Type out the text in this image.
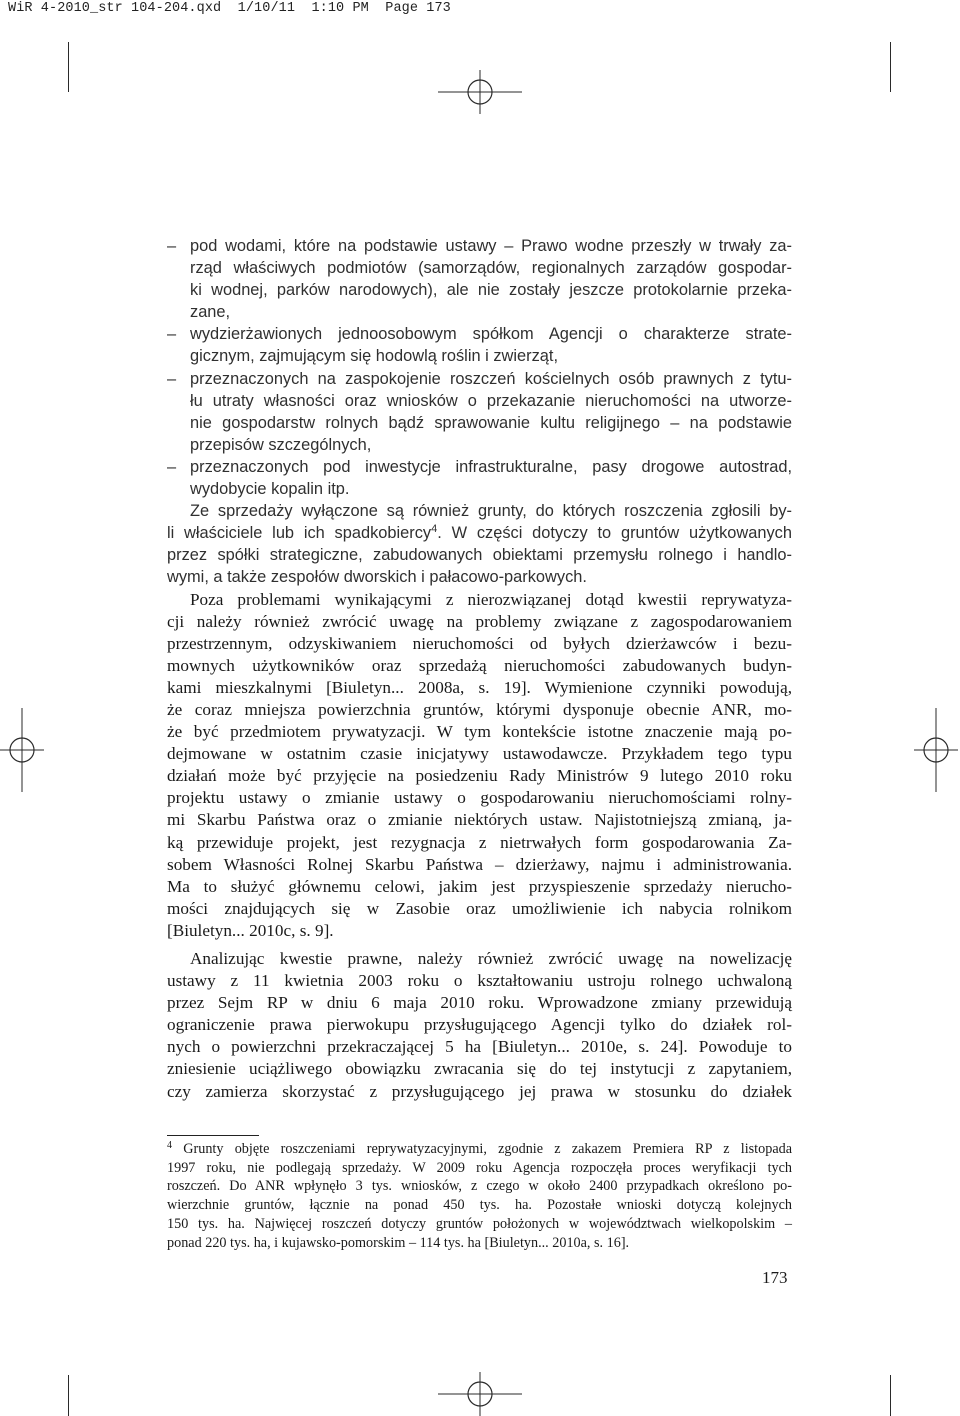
WiR 4-2010_str 104-204.qxd  1/10/11  1:10 PM  Page 173
– pod wodami, które na podstawie ustawy – Prawo wodne przeszły w trwały za-
rząd właściwych podmiotów (samorządów, regionalnych zarządów gospodar-
ki wodnej, parków narodowych), ale nie zostały jeszcze protokolarnie przeka-
zane,
– wydzierżawionych jednoosobowym spółkom Agencji o charakterze strate-
gicznym, zajmującym się hodowlą roślin i zwierząt,
– przeznaczonych na zaspokojenie roszczeń kościelnych osób prawnych z tytu-
łu utraty własności oraz wniosków o przekazanie nieruchomości na utworze-
nie gospodarstw rolnych bądź sprawowanie kultu religijnego – na podstawie
przepisów szczególnych,
– przeznaczonych pod inwestycje infrastrukturalne, pasy drogowe autostrad,
wydobycie kopalin itp.
Ze sprzedaży wyłączone są również grunty, do których roszczenia zgłosili by-
li właściciele lub ich spadkobiercy$^4$. W części dotyczy to gruntów użytkowanych
przez spółki strategiczne, zabudowanych obiektami przemysłu rolnego i handlo-
wymi, a także zespołów dworskich i pałacowo-parkowych.
Poza problemami wynikającymi z nierozwiązanej dotąd kwestii reprywatyza-
cji należy również zwrócić uwagę na problemy związane z zagospodarowaniem
przestrzennym, odzyskiwaniem nieruchomości od byłych dzierżawców i bezu-
mownych użytkowników oraz sprzedażą nieruchomości zabudowanych budyn-
kami mieszkalnymi [Biuletyn... 2008a, s. 19]. Wymienione czynniki powodują,
że coraz mniejsza powierzchnia gruntów, którymi dysponuje obecnie ANR, mo-
że być przedmiotem prywatyzacji. W tym kontekście istotne znaczenie mają po-
dejmowane w ostatnim czasie inicjatywy ustawodawcze. Przykładem tego typu
działań może być przyjęcie na posiedzeniu Rady Ministrów 9 lutego 2010 roku
projektu ustawy o zmianie ustawy o gospodarowaniu nieruchomościami rolny-
mi Skarbu Państwa oraz o zmianie niektórych ustaw. Najistotniejszą zmianą, ja-
ką przewiduje projekt, jest rezygnacja z nietrwałych form gospodarowania Za-
sobem Własności Rolnej Skarbu Państwa – dzierżawy, najmu i administrowania.
Ma to służyć głównemu celowi, jakim jest przyspieszenie sprzedaży nierucho-
mości znajdujących się w Zasobie oraz umożliwienie ich nabycia rolnikom
[Biuletyn... 2010c, s. 9].
Analizując kwestie prawne, należy również zwrócić uwagę na nowelizację
ustawy z 11 kwietnia 2003 roku o kształtowaniu ustroju rolnego uchwaloną
przez Sejm RP w dniu 6 maja 2010 roku. Wprowadzone zmiany przewidują
ograniczenie prawa pierwokupu przysługującego Agencji tylko do działek rol-
nych o powierzchni przekraczającej 5 ha [Biuletyn... 2010e, s. 24]. Powoduje to
zniesienie uciążliwego obowiązku zwracania się do tej instytucji z zapytaniem,
czy zamierza skorzystać z przysługującego jej prawa w stosunku do działek
$^4$ Grunty objęte roszczeniami reprywatyzacyjnymi, zgodnie z zakazem Premiera RP z listopada
1997 roku, nie podlegają sprzedaży. W 2009 roku Agencja rozpoczęła proces weryfikacji tych
roszczeń. Do ANR wpłynęło 3 tys. wniosków, z czego w około 2400 przypadkach określono po-
wierzchnie gruntów, łącznie na ponad 450 tys. ha. Pozostałe wnioski dotyczą kolejnych
150 tys. ha. Najwięcej roszczeń dotyczy gruntów położonych w województwach wielkopolskim –
ponad 220 tys. ha, i kujawsko-pomorskim – 114 tys. ha [Biuletyn... 2010a, s. 16].
173
